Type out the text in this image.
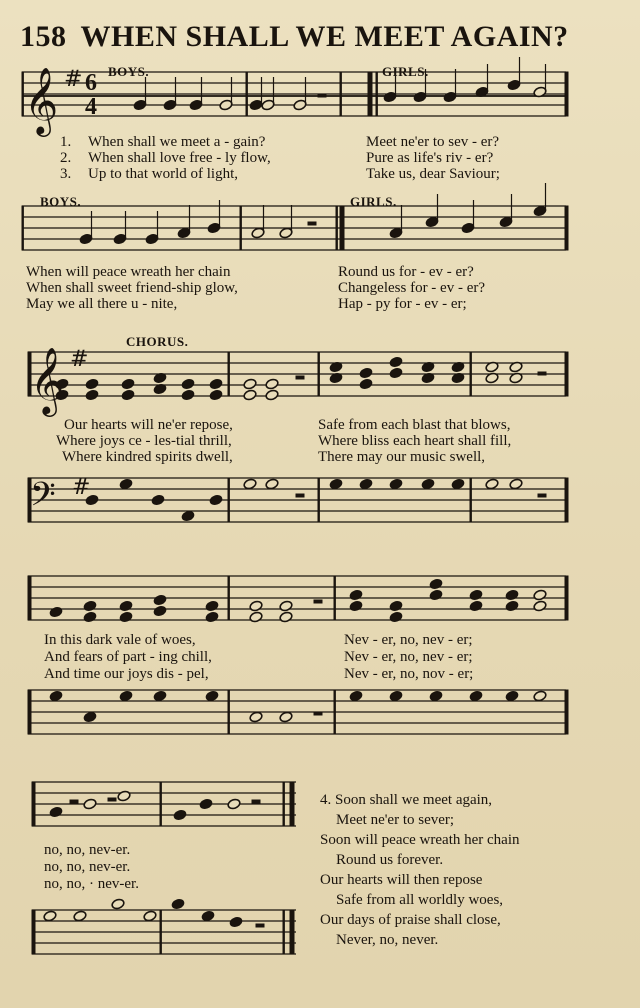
158 WHEN SHALL WE MEET AGAIN?
𝄞
𝄞
𝄢
#
#
#
BOYS.	GIRLS.
6
4
1. When shall we meet a - gain?	Meet ne'er to sev - er?
2. When shall love free - ly flow,	Pure as life's riv - er?
3. Up to that world of light,	Take us, dear Saviour;
BOYS.	GIRLS.
When will peace wreath her chain	Round us for - ev - er?
When shall sweet friend-ship glow,	Changeless for - ev - er?
May we all there u - nite,	Hap - py for - ev - er;
CHORUS.
Our hearts will ne'er repose,	Safe from each blast that blows,
Where joys ce - les-tial thrill,	Where bliss each heart shall fill,
Where kindred spirits dwell,	There may our music swell,
In this dark vale of woes,	Nev - er, no, nev - er;
And fears of part - ing chill,	Nev - er, no, nev - er;
And time our joys dis - pel,	Nev - er, no, nov - er;
no, no, nev-er.
no, no, nev-er.
no, no, · nev-er.
4. Soon shall we meet again,
Meet ne'er to sever;
Soon will peace wreath her chain
Round us forever.
Our hearts will then repose
Safe from all worldly woes,
Our days of praise shall close,
Never, no, never.
